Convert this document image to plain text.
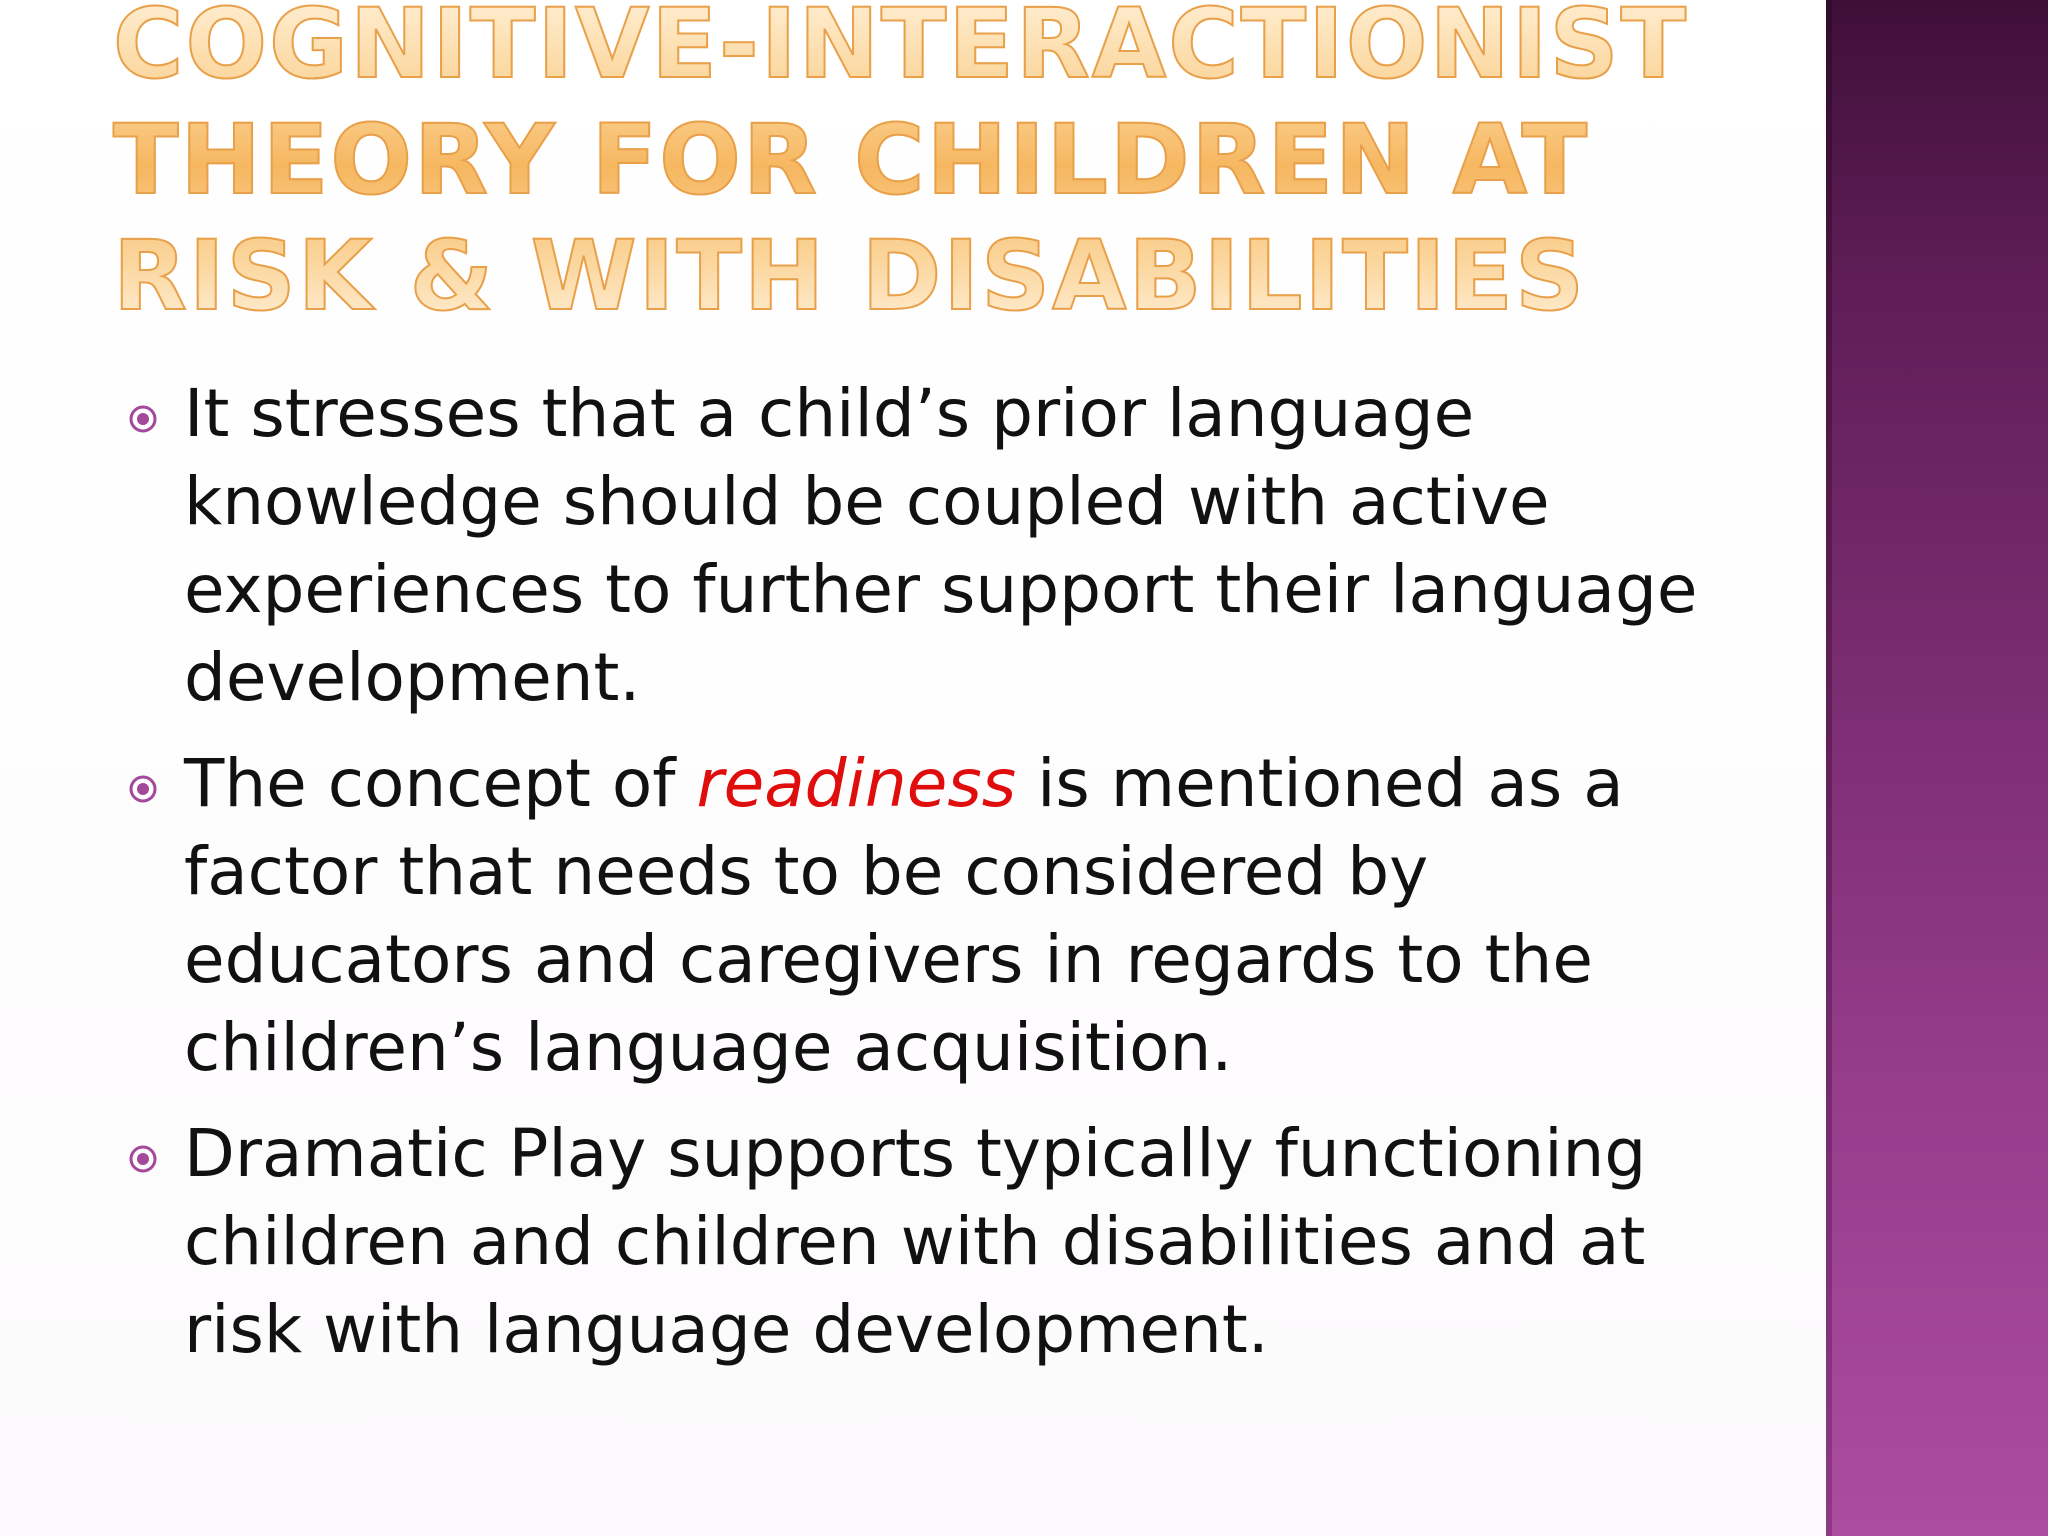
COGNITIVE-INTERACTIONIST THEORY FOR CHILDREN AT RISK & WITH DISABILITIES
It stresses that a child’s prior language knowledge should be coupled with active experiences to further support their language development.
The concept of readiness is mentioned as a factor that needs to be considered by educators and caregivers in regards to the children’s language acquisition.
Dramatic Play supports typically functioning children and children with disabilities and at risk with language development.
